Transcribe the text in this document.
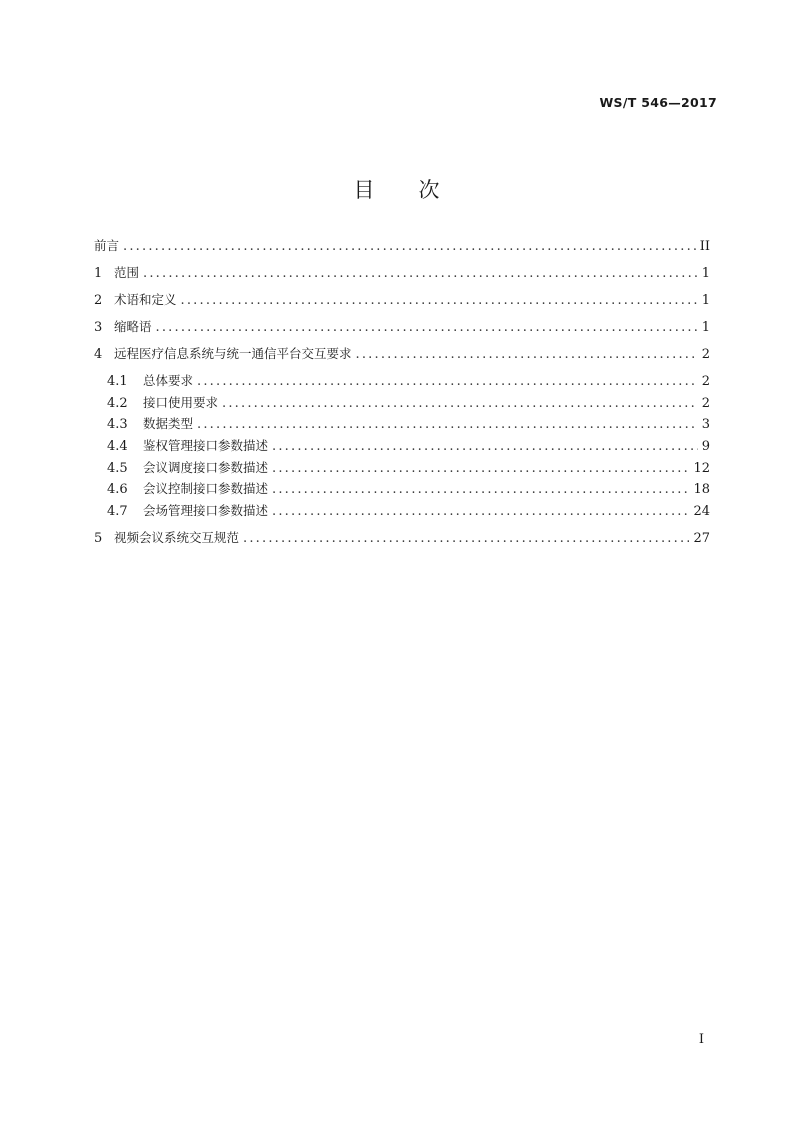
WS/T 546—2017
目次
前言 .....	II
1 范围 .....	1
2 术语和定义 .....	1
3 缩略语 .....	1
4 远程医疗信息系统与统一通信平台交互要求 .....	2
4.1	总体要求 .....	2
4.2	接口使用要求 .....	2
4.3	数据类型 .....	3
4.4	鉴权管理接口参数描述 .....	9
4.5	会议调度接口参数描述 .....	12
4.6	会议控制接口参数描述 .....	18
4.7	会场管理接口参数描述 .....	24
5 视频会议系统交互规范 .....	27
I
